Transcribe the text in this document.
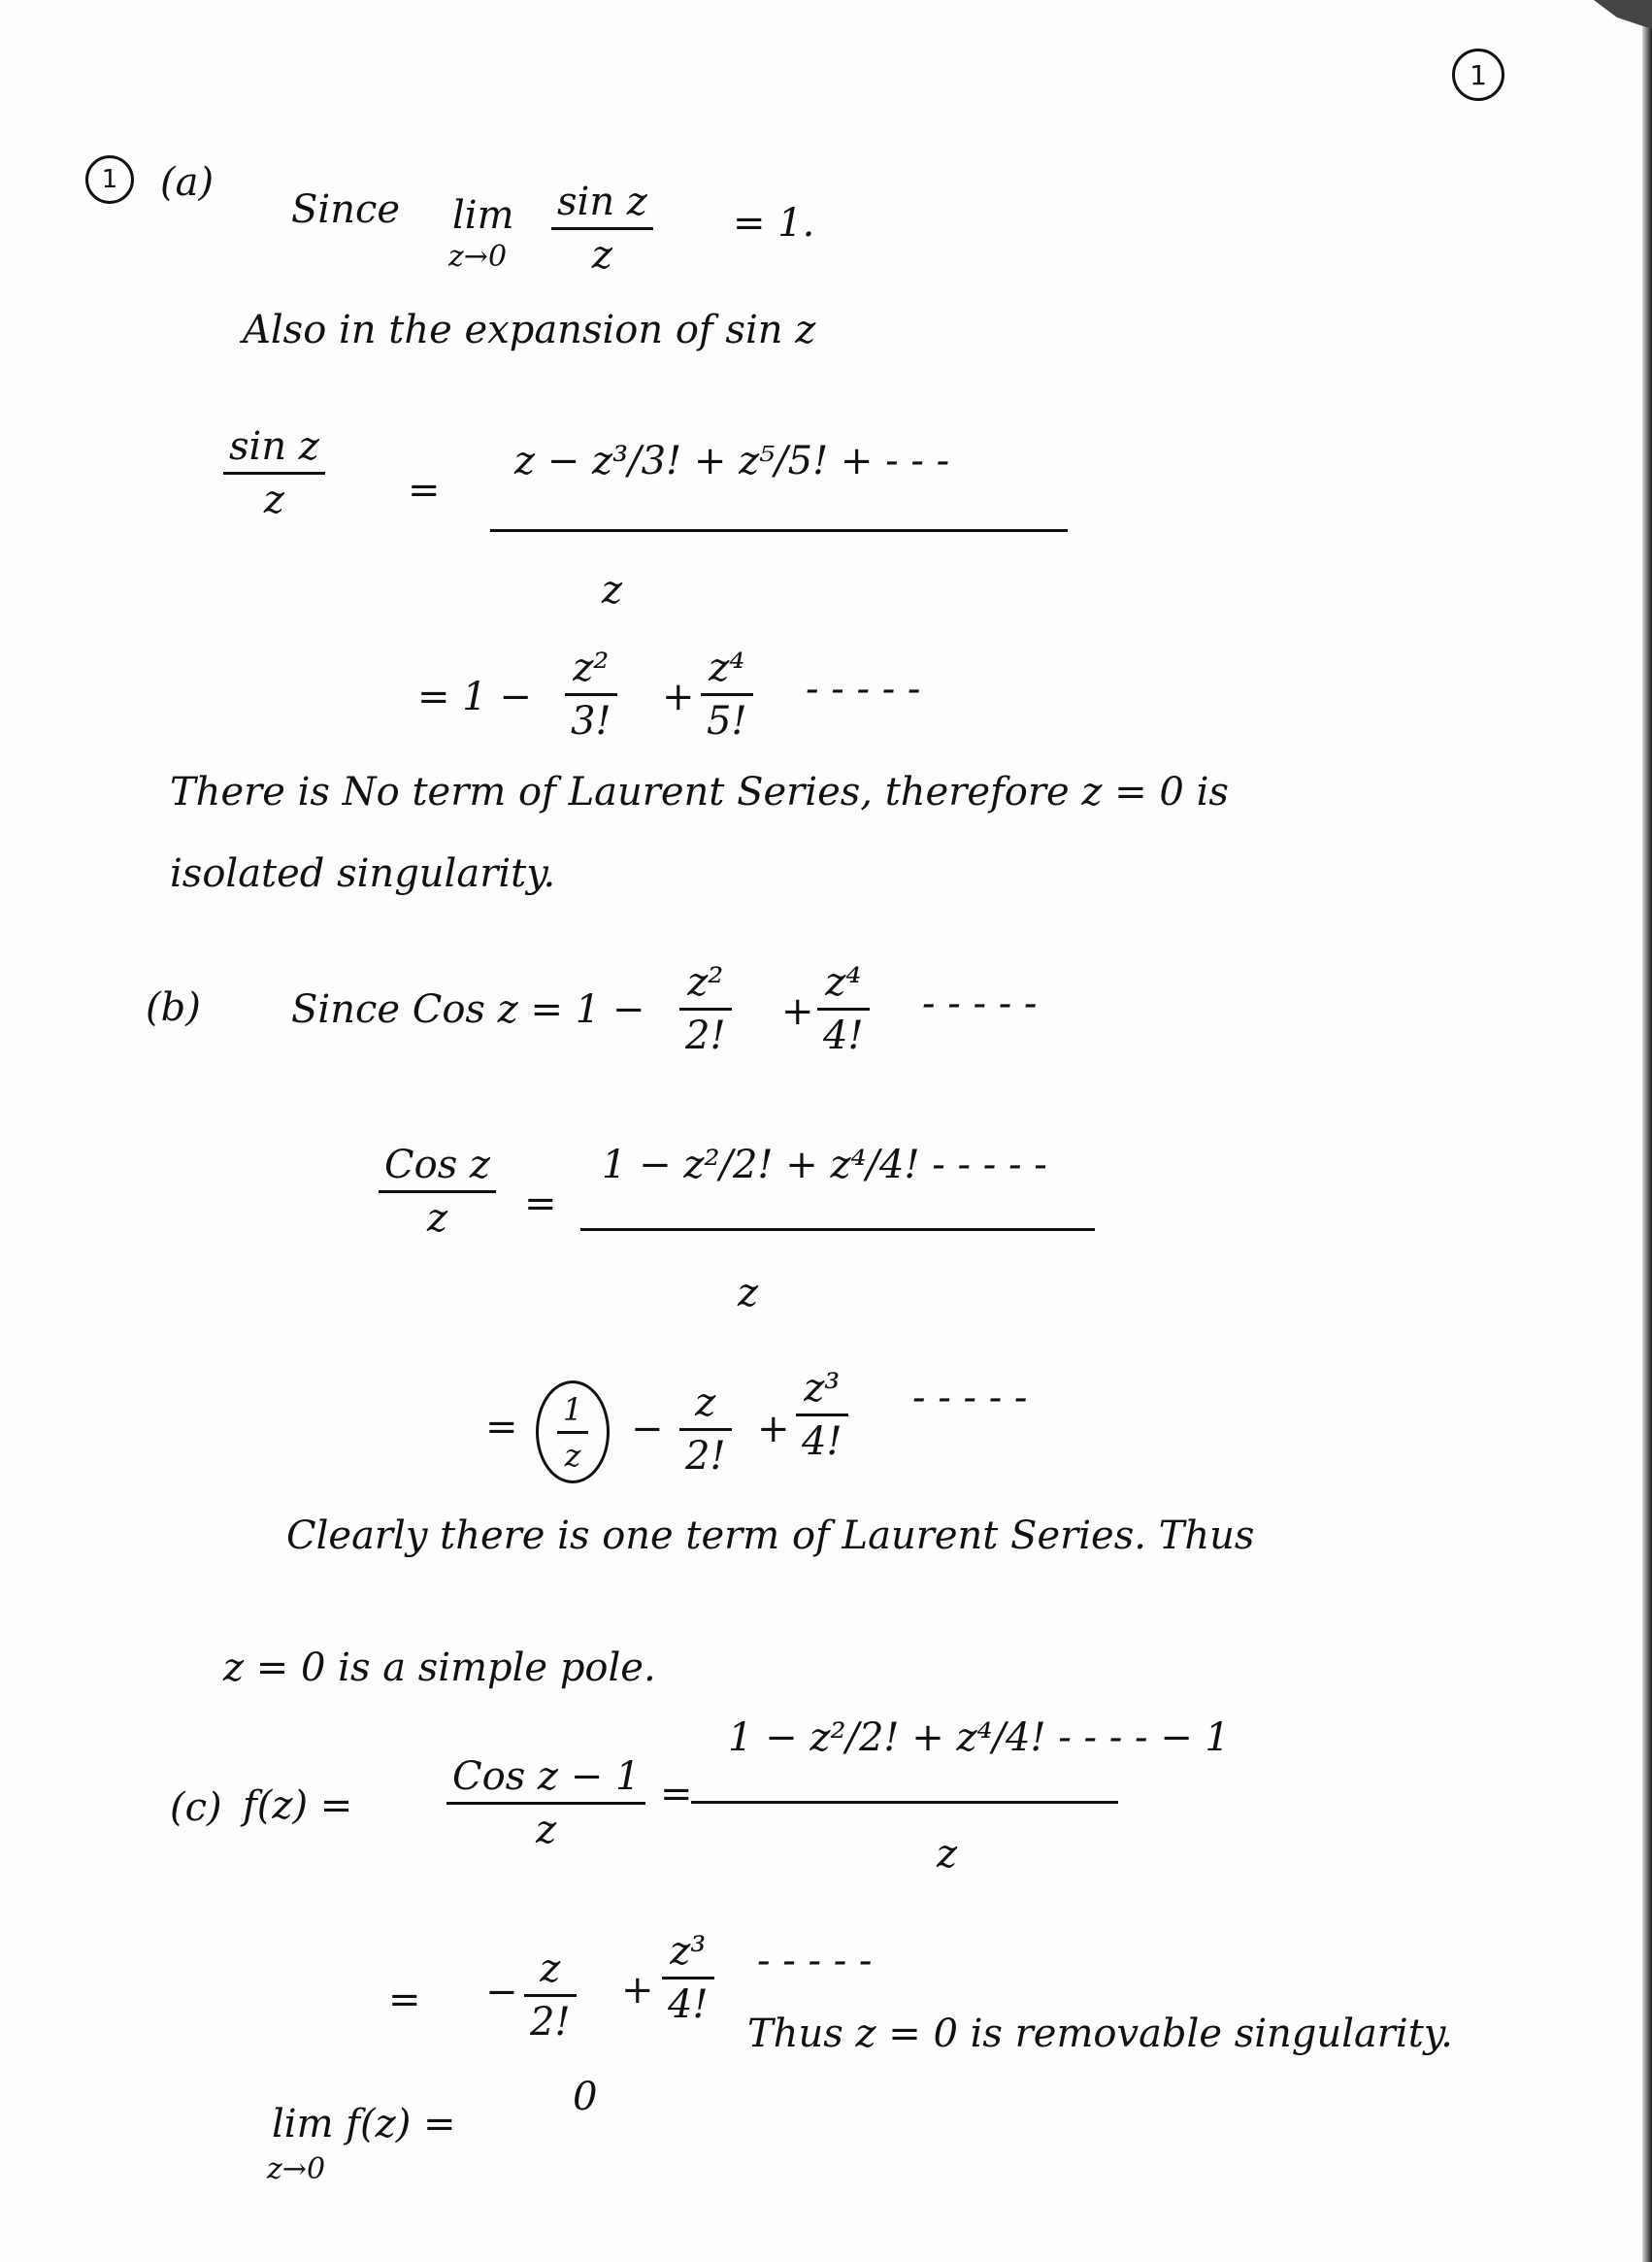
1
1 (a)
Since lim
z→0
sin z
z
= 1.
Also in the expansion of sin z
sin z
z	=
z − z³/3! + z⁵/5! + - - -
z
= 1 −
z²
3!
+
z⁴
5!
- - - - -
There is No term of Laurent Series, therefore z = 0 is
isolated singularity.
(b) Since Cos z = 1 −
z²
2!
+
z⁴
4!
- - - - -
Cos z
z =
1 − z²/2! + z⁴/4! - - - - -
z
= $\frac{1}{z}$ −
z
2!
+
z³
4!
- - - - -
Clearly there is one term of Laurent Series. Thus
z = 0 is a simple pole.
(c) f(z) =
Cos z − 1
z
=
1 − z²/2! + z⁴/4! - - - - − 1
z
= −
z
2!
+
z³
4!
- - - - -
Thus z = 0 is removable singularity.
lim f(z) =
z→0
0
